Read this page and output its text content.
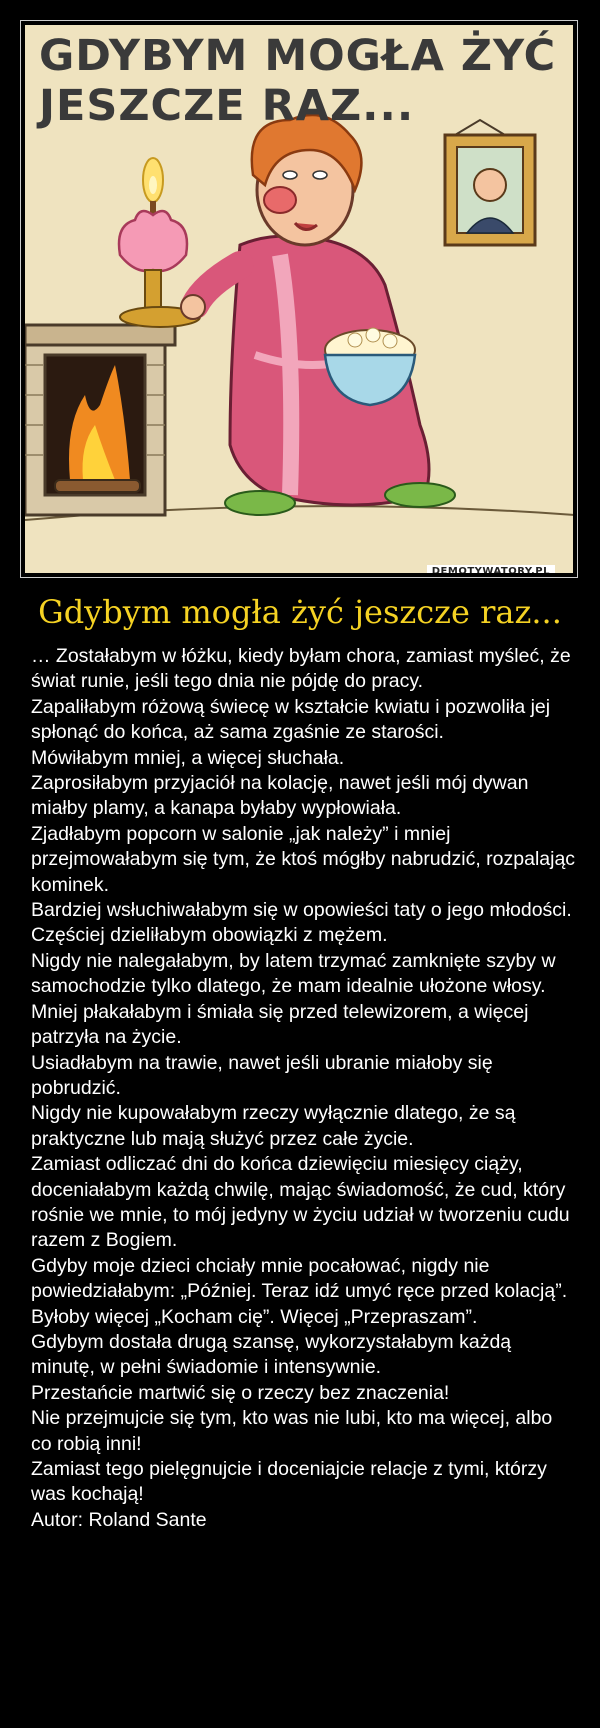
GDYBYM MOGŁA ŻYĆ
JESZCZE RAZ...
DEMOTYWATORY.PL
Gdybym mogła żyć jeszcze raz...

… Zostałabym w łóżku, kiedy byłam chora, zamiast myśleć, że świat runie, jeśli tego dnia nie pójdę do pracy.

Zapaliłabym różową świecę w kształcie kwiatu i pozwoliła jej spłonąć do końca, aż sama zgaśnie ze starości.

Mówiłabym mniej, a więcej słuchała.

Zaprosiłabym przyjaciół na kolację, nawet jeśli mój dywan miałby plamy, a kanapa byłaby wypłowiała.

Zjadłabym popcorn w salonie „jak należy” i mniej przejmowałabym się tym, że ktoś mógłby nabrudzić, rozpalając kominek.

Bardziej wsłuchiwałabym się w opowieści taty o jego młodości.

Częściej dzieliłabym obowiązki z mężem.

Nigdy nie nalegałabym, by latem trzymać zamknięte szyby w samochodzie tylko dlatego, że mam idealnie ułożone włosy.

Mniej płakałabym i śmiała się przed telewizorem, a więcej patrzyła na życie.

Usiadłabym na trawie, nawet jeśli ubranie miałoby się pobrudzić.

Nigdy nie kupowałabym rzeczy wyłącznie dlatego, że są praktyczne lub mają służyć przez całe życie.

Zamiast odliczać dni do końca dziewięciu miesięcy ciąży, doceniałabym każdą chwilę, mając świadomość, że cud, który rośnie we mnie, to mój jedyny w życiu udział w tworzeniu cudu razem z Bogiem.

Gdyby moje dzieci chciały mnie pocałować, nigdy nie powiedziałabym: „Później. Teraz idź umyć ręce przed kolacją”.

Byłoby więcej „Kocham cię”. Więcej „Przepraszam”.

Gdybym dostała drugą szansę, wykorzystałabym każdą minutę, w pełni świadomie i intensywnie.

Przestańcie martwić się o rzeczy bez znaczenia!

Nie przejmujcie się tym, kto was nie lubi, kto ma więcej, albo co robią inni!

Zamiast tego pielęgnujcie i doceniajcie relacje z tymi, którzy was kochają!

Autor: Roland Sante
